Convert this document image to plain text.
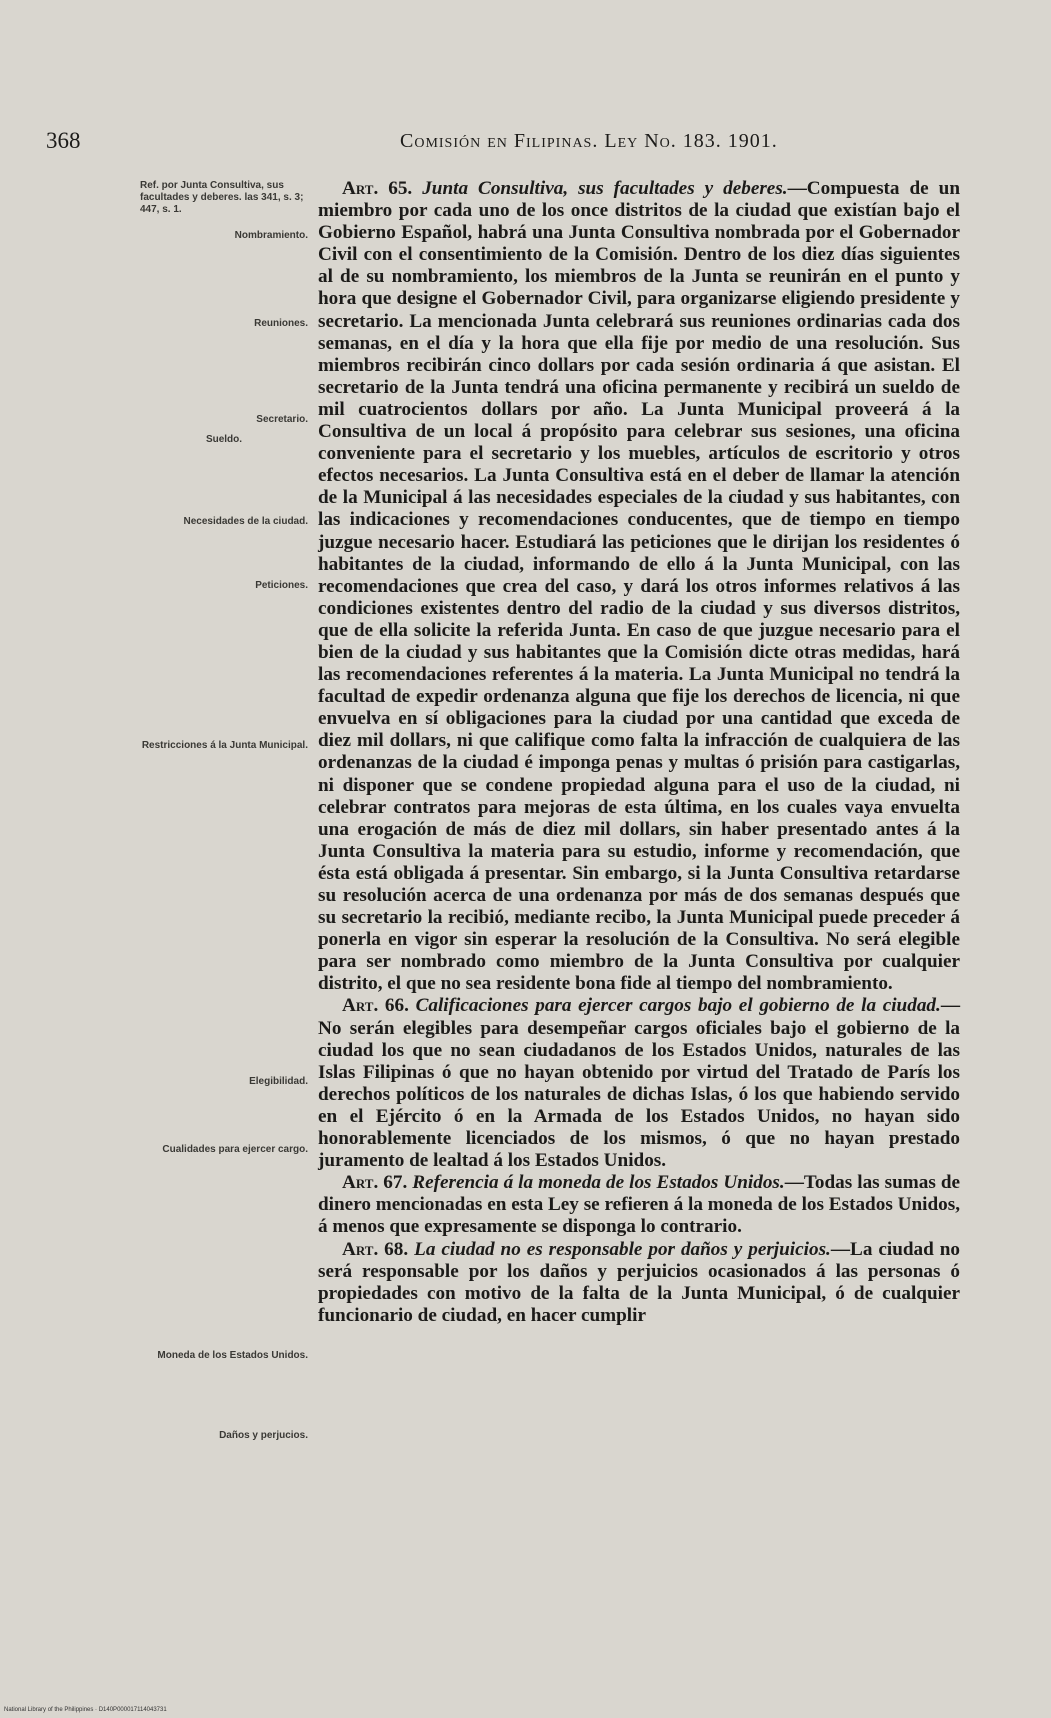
368	Comisión en Filipinas. Ley No. 183. 1901.
Ref. por Junta Consultiva, sus facultades y deberes. las 341, s. 3; 447, s. 1.
Nombramiento.
Reuniones.
Secretario.
Sueldo.
Necesidades de la ciudad.
Peticiones.
Restricciones á la Junta Municipal.
Elegibilidad.
Cualidades para ejercer cargo.
Moneda de los Estados Unidos.
Daños y perjucios.

Art. 65. Junta Consultiva, sus facultades y deberes.—Compuesta de un miembro por cada uno de los once distritos de la ciudad que existían bajo el Gobierno Español, habrá una Junta Consultiva nombrada por el Gobernador Civil con el consentimiento de la Comisión. Dentro de los diez días siguientes al de su nombramiento, los miembros de la Junta se reunirán en el punto y hora que designe el Gobernador Civil, para organizarse eligiendo presidente y secretario. La mencionada Junta celebrará sus reuniones ordinarias cada dos semanas, en el día y la hora que ella fije por medio de una resolución. Sus miembros recibirán cinco dollars por cada sesión ordinaria á que asistan. El secretario de la Junta tendrá una oficina permanente y recibirá un sueldo de mil cuatrocientos dollars por año. La Junta Municipal proveerá á la Consultiva de un local á propósito para celebrar sus sesiones, una oficina conveniente para el secretario y los muebles, artículos de escritorio y otros efectos necesarios. La Junta Consultiva está en el deber de llamar la atención de la Municipal á las necesidades especiales de la ciudad y sus habitantes, con las indicaciones y recomendaciones conducentes, que de tiempo en tiempo juzgue necesario hacer. Estudiará las peticiones que le dirijan los residentes ó habitantes de la ciudad, informando de ello á la Junta Municipal, con las recomendaciones que crea del caso, y dará los otros informes relativos á las condiciones existentes dentro del radio de la ciudad y sus diversos distritos, que de ella solicite la referida Junta. En caso de que juzgue necesario para el bien de la ciudad y sus habitantes que la Comisión dicte otras medidas, hará las recomendaciones referentes á la materia. La Junta Municipal no tendrá la facultad de expedir ordenanza alguna que fije los derechos de licencia, ni que envuelva en sí obligaciones para la ciudad por una cantidad que exceda de diez mil dollars, ni que califique como falta la infracción de cualquiera de las ordenanzas de la ciudad é imponga penas y multas ó prisión para castigarlas, ni disponer que se condene propiedad alguna para el uso de la ciudad, ni celebrar contratos para mejoras de esta última, en los cuales vaya envuelta una erogación de más de diez mil dollars, sin haber presentado antes á la Junta Consultiva la materia para su estudio, informe y recomendación, que ésta está obligada á presentar. Sin embargo, si la Junta Consultiva retardarse su resolución acerca de una ordenanza por más de dos semanas después que su secretario la recibió, mediante recibo, la Junta Municipal puede preceder á ponerla en vigor sin esperar la resolución de la Consultiva. No será elegible para ser nombrado como miembro de la Junta Consultiva por cualquier distrito, el que no sea residente bona fide al tiempo del nombramiento.

Art. 66. Calificaciones para ejercer cargos bajo el gobierno de la ciudad.—No serán elegibles para desempeñar cargos oficiales bajo el gobierno de la ciudad los que no sean ciudadanos de los Estados Unidos, naturales de las Islas Filipinas ó que no hayan obtenido por virtud del Tratado de París los derechos políticos de los naturales de dichas Islas, ó los que habiendo servido en el Ejército ó en la Armada de los Estados Unidos, no hayan sido honorablemente licenciados de los mismos, ó que no hayan prestado juramento de lealtad á los Estados Unidos.

Art. 67. Referencia á la moneda de los Estados Unidos.—Todas las sumas de dinero mencionadas en esta Ley se refieren á la moneda de los Estados Unidos, á menos que expresamente se disponga lo contrario.

Art. 68. La ciudad no es responsable por daños y perjuicios.—La ciudad no será responsable por los daños y perjuicios ocasionados á las personas ó propiedades con motivo de la falta de la Junta Municipal, ó de cualquier funcionario de ciudad, en hacer cumplir

National Library of the Philippines · D140P000017114043731
